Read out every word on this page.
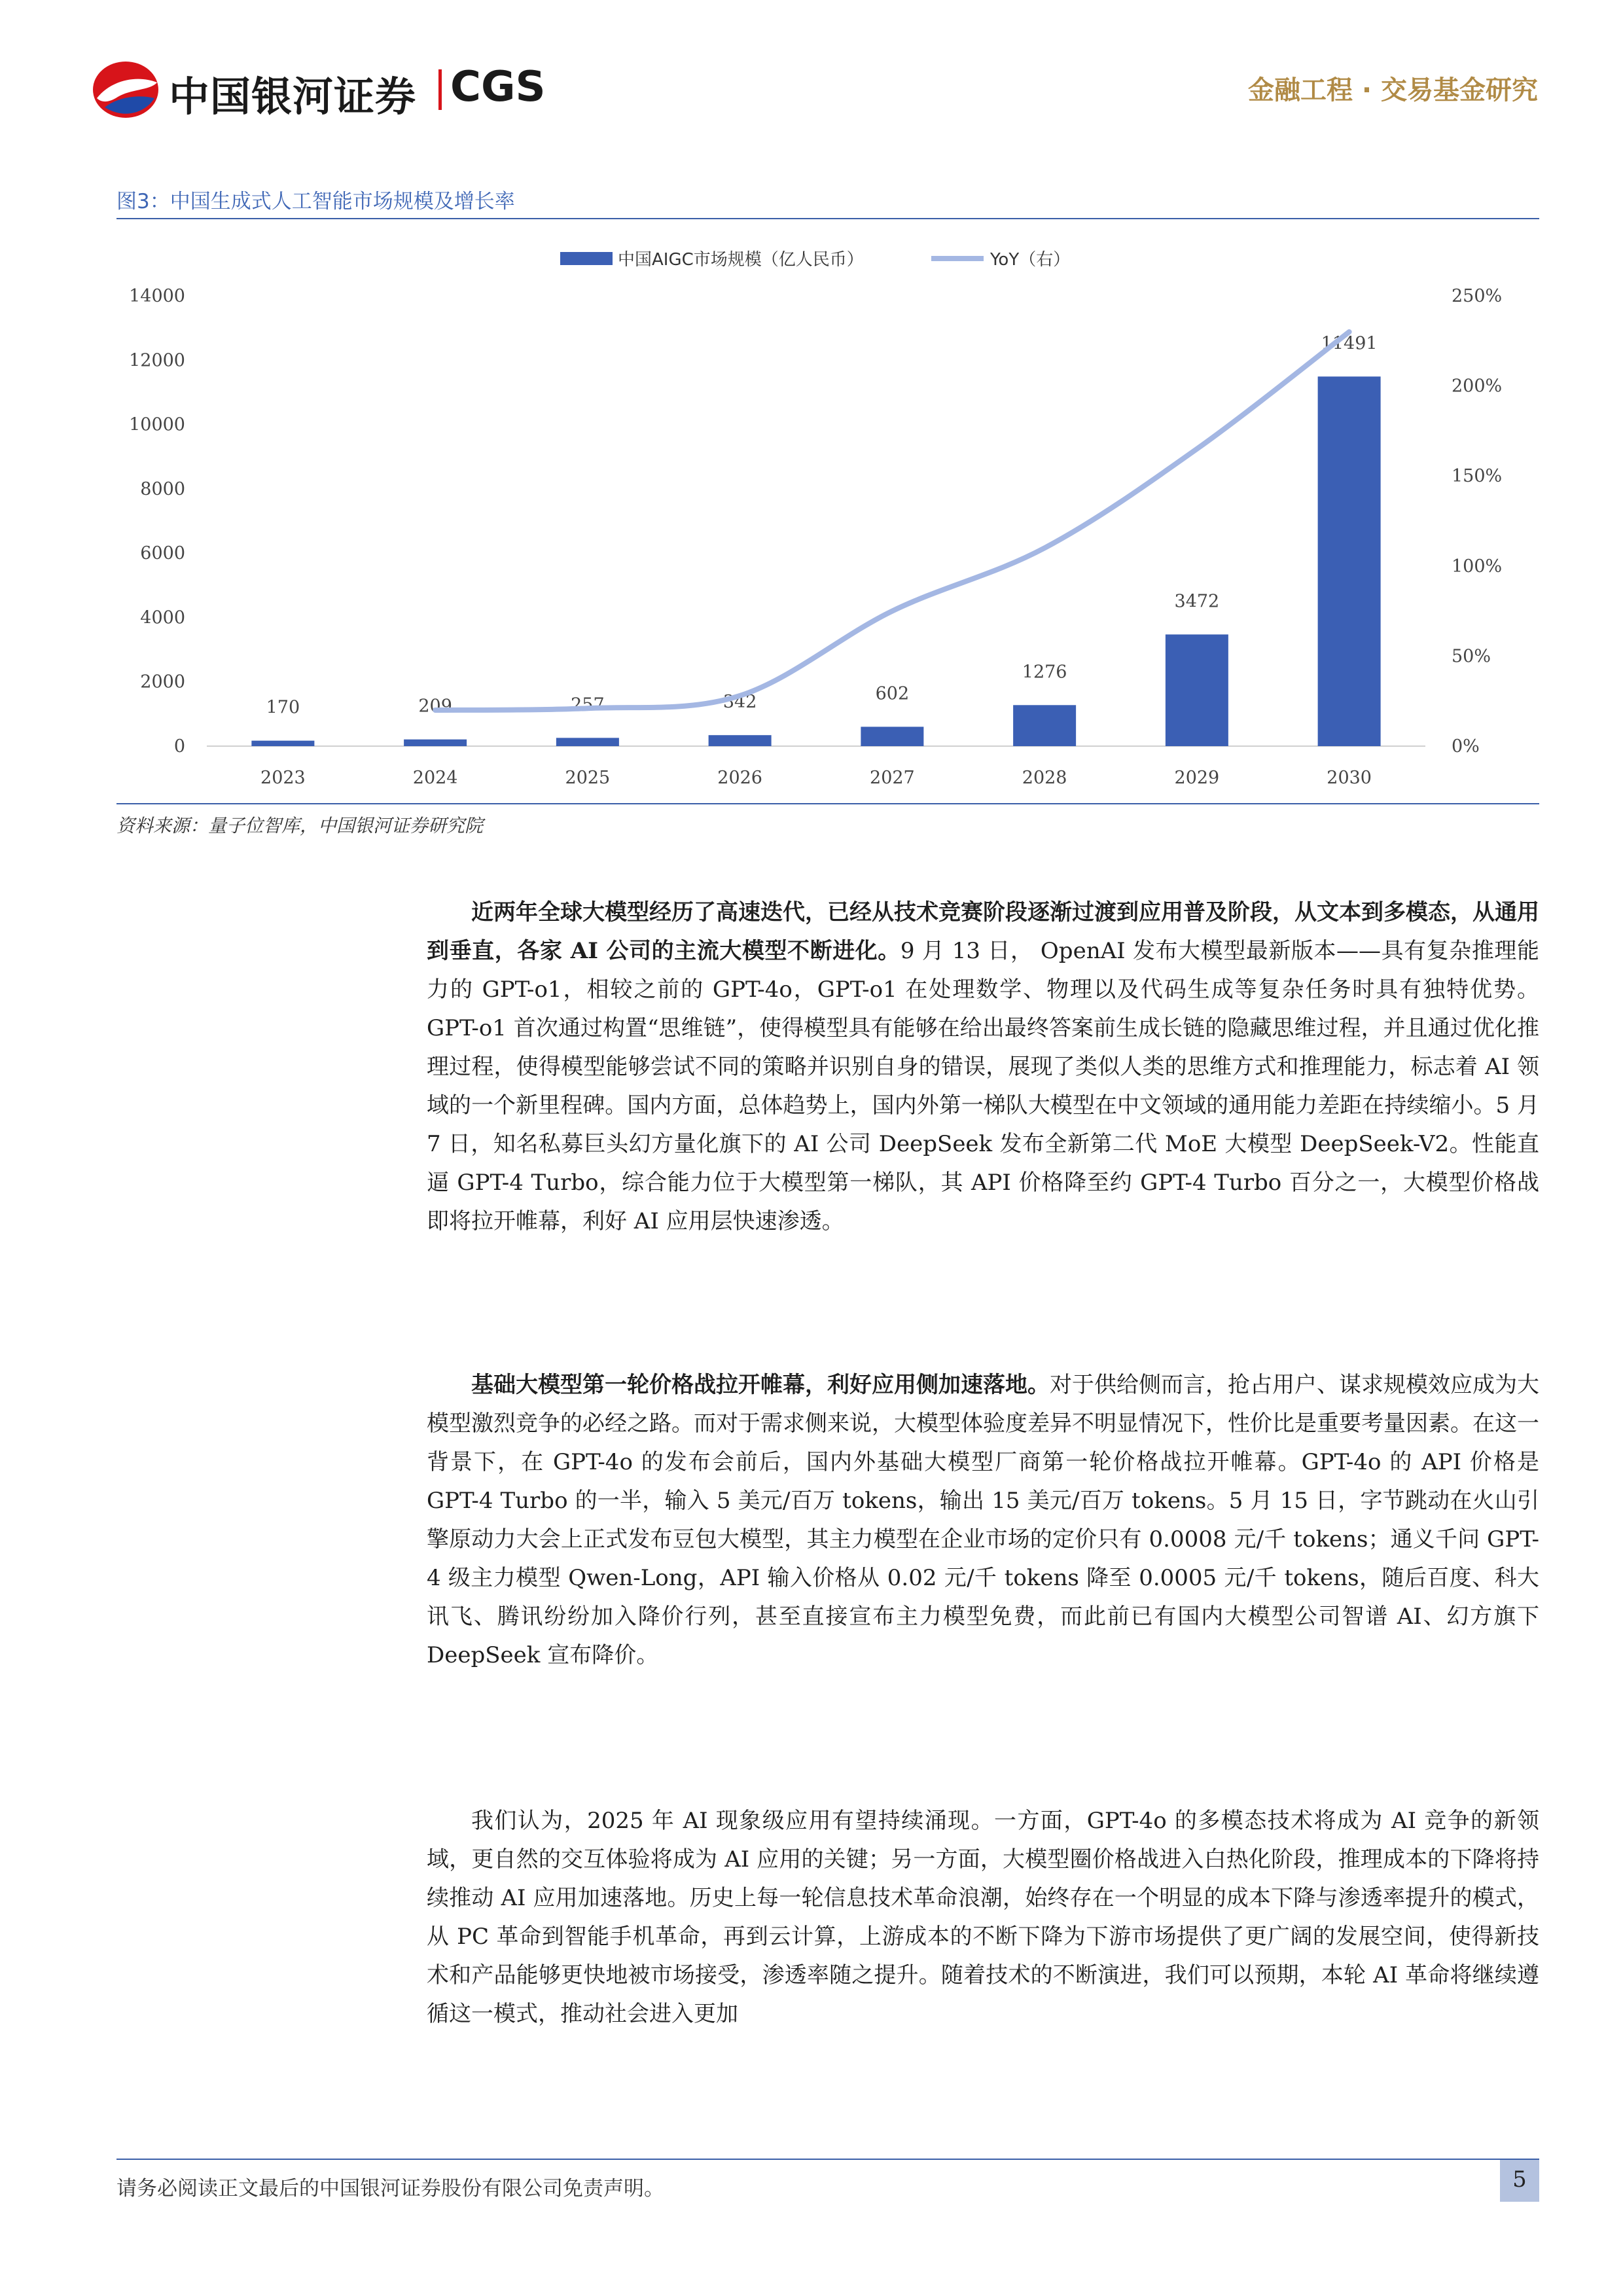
中国银河证券 CGS	金融工程 · 交易基金研究
图3：中国生成式人工智能市场规模及增长率
中国AIGC市场规模（亿人民币）	YoY（右）
0
2000
4000
6000
8000
10000
12000
14000
0%
50%
100%
150%
200%
250%
170	209	257	342	602
1276
3472
11491
2023	2024	2025	2026	2027	2028	2029	2030
资料来源：量子位智库，中国银河证券研究院

近两年全球大模型经历了高速迭代，已经从技术竞赛阶段逐渐过渡到应用普及阶段，从文本到多模态，从通用到垂直，各家 AI 公司的主流大模型不断进化。9 月 13 日， OpenAI 发布大模型最新版本——具有复杂推理能力的 GPT-o1，相较之前的 GPT-4o，GPT-o1 在处理数学、物理以及代码生成等复杂任务时具有独特优势。GPT-o1 首次通过构置“思维链”，使得模型具有能够在给出最终答案前生成长链的隐藏思维过程，并且通过优化推理过程，使得模型能够尝试不同的策略并识别自身的错误，展现了类似人类的思维方式和推理能力，标志着 AI 领域的一个新里程碑。国内方面，总体趋势上，国内外第一梯队大模型在中文领域的通用能力差距在持续缩小。5 月 7 日，知名私募巨头幻方量化旗下的 AI 公司 DeepSeek 发布全新第二代 MoE 大模型 DeepSeek-V2。性能直逼 GPT-4 Turbo，综合能力位于大模型第一梯队，其 API 价格降至约 GPT-4 Turbo 百分之一，大模型价格战即将拉开帷幕，利好 AI 应用层快速渗透。

基础大模型第一轮价格战拉开帷幕，利好应用侧加速落地。对于供给侧而言，抢占用户、谋求规模效应成为大模型激烈竞争的必经之路。而对于需求侧来说，大模型体验度差异不明显情况下，性价比是重要考量因素。在这一背景下，在 GPT-4o 的发布会前后，国内外基础大模型厂商第一轮价格战拉开帷幕。GPT-4o 的 API 价格是 GPT-4 Turbo 的一半，输入 5 美元/百万 tokens，输出 15 美元/百万 tokens。5 月 15 日，字节跳动在火山引擎原动力大会上正式发布豆包大模型，其主力模型在企业市场的定价只有 0.0008 元/千 tokens；通义千问 GPT-4 级主力模型 Qwen-Long，API 输入价格从 0.02 元/千 tokens 降至 0.0005 元/千 tokens，随后百度、科大讯飞、腾讯纷纷加入降价行列，甚至直接宣布主力模型免费，而此前已有国内大模型公司智谱 AI、幻方旗下 DeepSeek 宣布降价。

我们认为，2025 年 AI 现象级应用有望持续涌现。一方面，GPT-4o 的多模态技术将成为 AI 竞争的新领域，更自然的交互体验将成为 AI 应用的关键；另一方面，大模型圈价格战进入白热化阶段，推理成本的下降将持续推动 AI 应用加速落地。历史上每一轮信息技术革命浪潮，始终存在一个明显的成本下降与渗透率提升的模式，从 PC 革命到智能手机革命，再到云计算，上游成本的不断下降为下游市场提供了更广阔的发展空间，使得新技术和产品能够更快地被市场接受，渗透率随之提升。随着技术的不断演进，我们可以预期，本轮 AI 革命将继续遵循这一模式，推动社会进入更加

请务必阅读正文最后的中国银河证券股份有限公司免责声明。	5
